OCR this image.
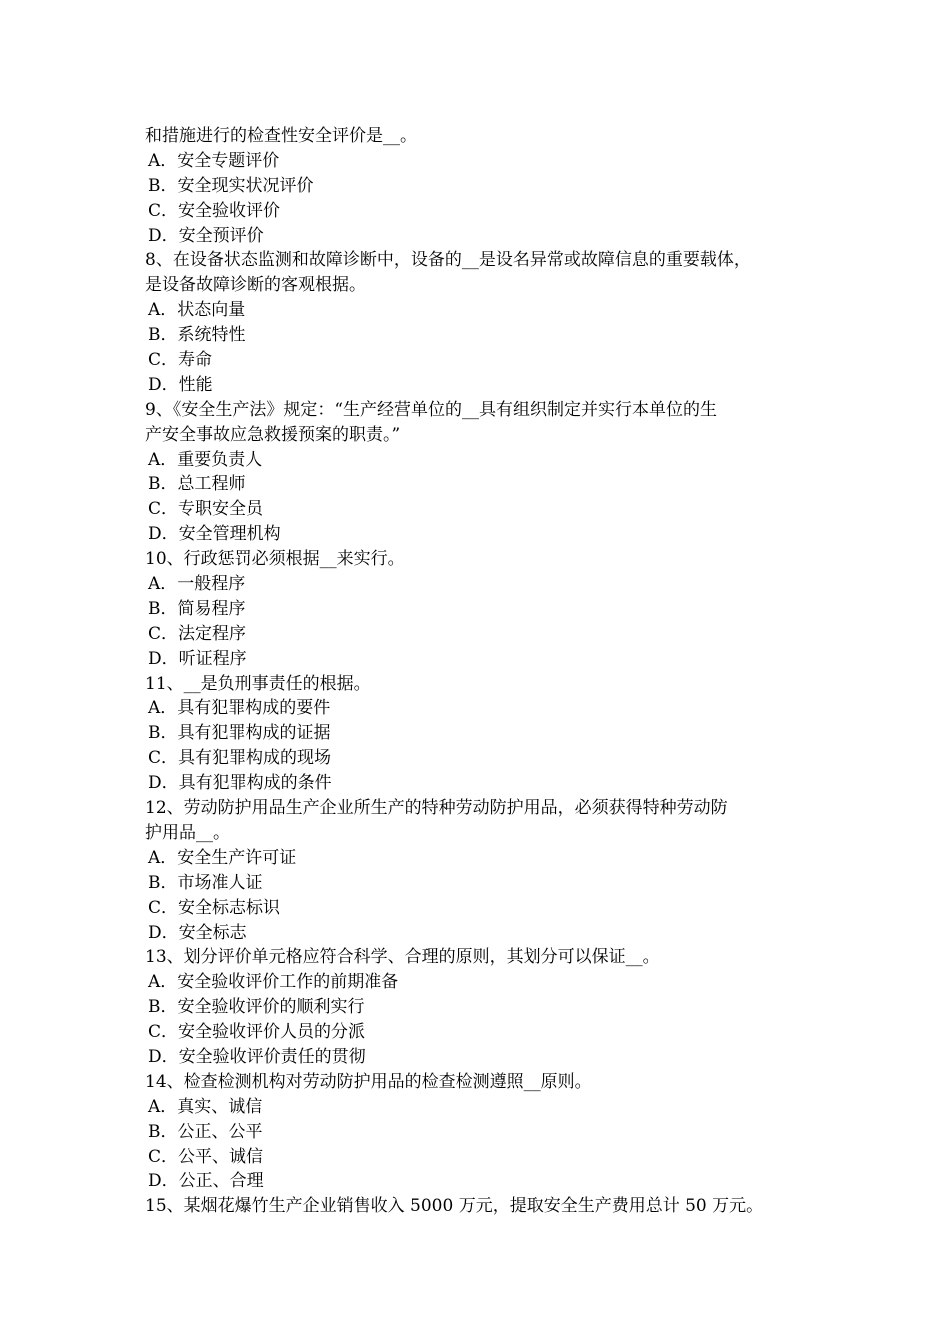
和措施进行的检查性安全评价是__。
A．安全专题评价
B．安全现实状况评价
C．安全验收评价
D．安全预评价
8、在设备状态监测和故障诊断中，设备的__是设名异常或故障信息的重要载体，
是设备故障诊断的客观根据。
A．状态向量
B．系统特性
C．寿命
D．性能
9、《安全生产法》规定：“生产经营单位的__具有组织制定并实行本单位的生
产安全事故应急救援预案的职责。”
A．重要负责人
B．总工程师
C．专职安全员
D．安全管理机构
10、行政惩罚必须根据__来实行。
A．一般程序
B．简易程序
C．法定程序
D．听证程序
11、__是负刑事责任的根据。
A．具有犯罪构成的要件
B．具有犯罪构成的证据
C．具有犯罪构成的现场
D．具有犯罪构成的条件
12、劳动防护用品生产企业所生产的特种劳动防护用品，必须获得特种劳动防
护用品__。
A．安全生产许可证
B．市场准人证
C．安全标志标识
D．安全标志
13、划分评价单元格应符合科学、合理的原则，其划分可以保证__。
A．安全验收评价工作的前期准备
B．安全验收评价的顺利实行
C．安全验收评价人员的分派
D．安全验收评价责任的贯彻
14、检查检测机构对劳动防护用品的检查检测遵照__原则。
A．真实、诚信
B．公正、公平
C．公平、诚信
D．公正、合理
15、某烟花爆竹生产企业销售收入 5000 万元，提取安全生产费用总计 50 万元。
